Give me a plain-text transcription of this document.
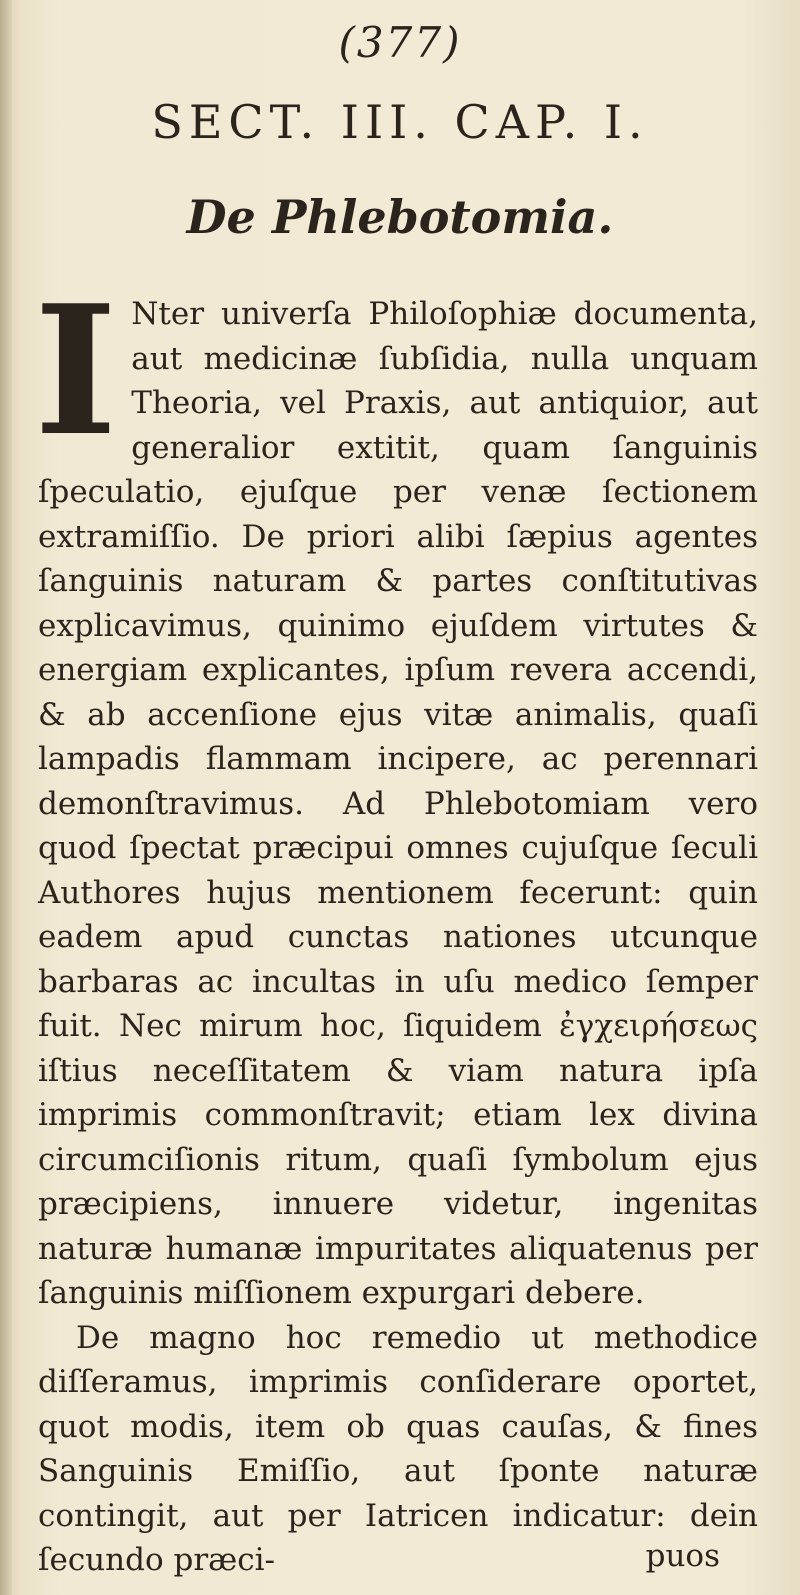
(377)
SECT. III. CAP. I.
De Phlebotomia.

I Nter univerſa Philoſophiæ documenta, aut medicinæ ſubſidia, nulla unquam Theoria, vel Praxis, aut antiquior, aut generalior extitit, quam ſanguinis ſpeculatio, ejuſque per venæ ſectionem extramiſſio. De priori alibi ſæpius agentes ſanguinis naturam & partes conſtitutivas explicavimus, quinimo ejuſdem virtutes & energiam explicantes, ipſum revera accendi, & ab accenſione ejus vitæ animalis, quaſi lampadis flammam incipere, ac perennari demonſtravimus. Ad Phlebotomiam vero quod ſpectat præcipui omnes cujuſque ſeculi Authores hujus mentionem fecerunt: quin eadem apud cunctas nationes utcunque barbaras ac incultas in uſu medico ſemper fuit. Nec mirum hoc, ſiquidem ἐγχειρήσεως iſtius neceſſitatem & viam natura ipſa imprimis commonſtravit; etiam lex divina circumciſionis ritum, quaſi ſymbolum ejus præcipiens, innuere videtur, ingenitas naturæ humanæ impuritates aliquatenus per ſanguinis miſſionem expurgari debere.

De magno hoc remedio ut methodice diſſeramus, imprimis conſiderare oportet, quot modis, item ob quas cauſas, & fines Sanguinis Emiſſio, aut ſponte naturæ contingit, aut per Iatricen indicatur: dein ſecundo præci-	puos
